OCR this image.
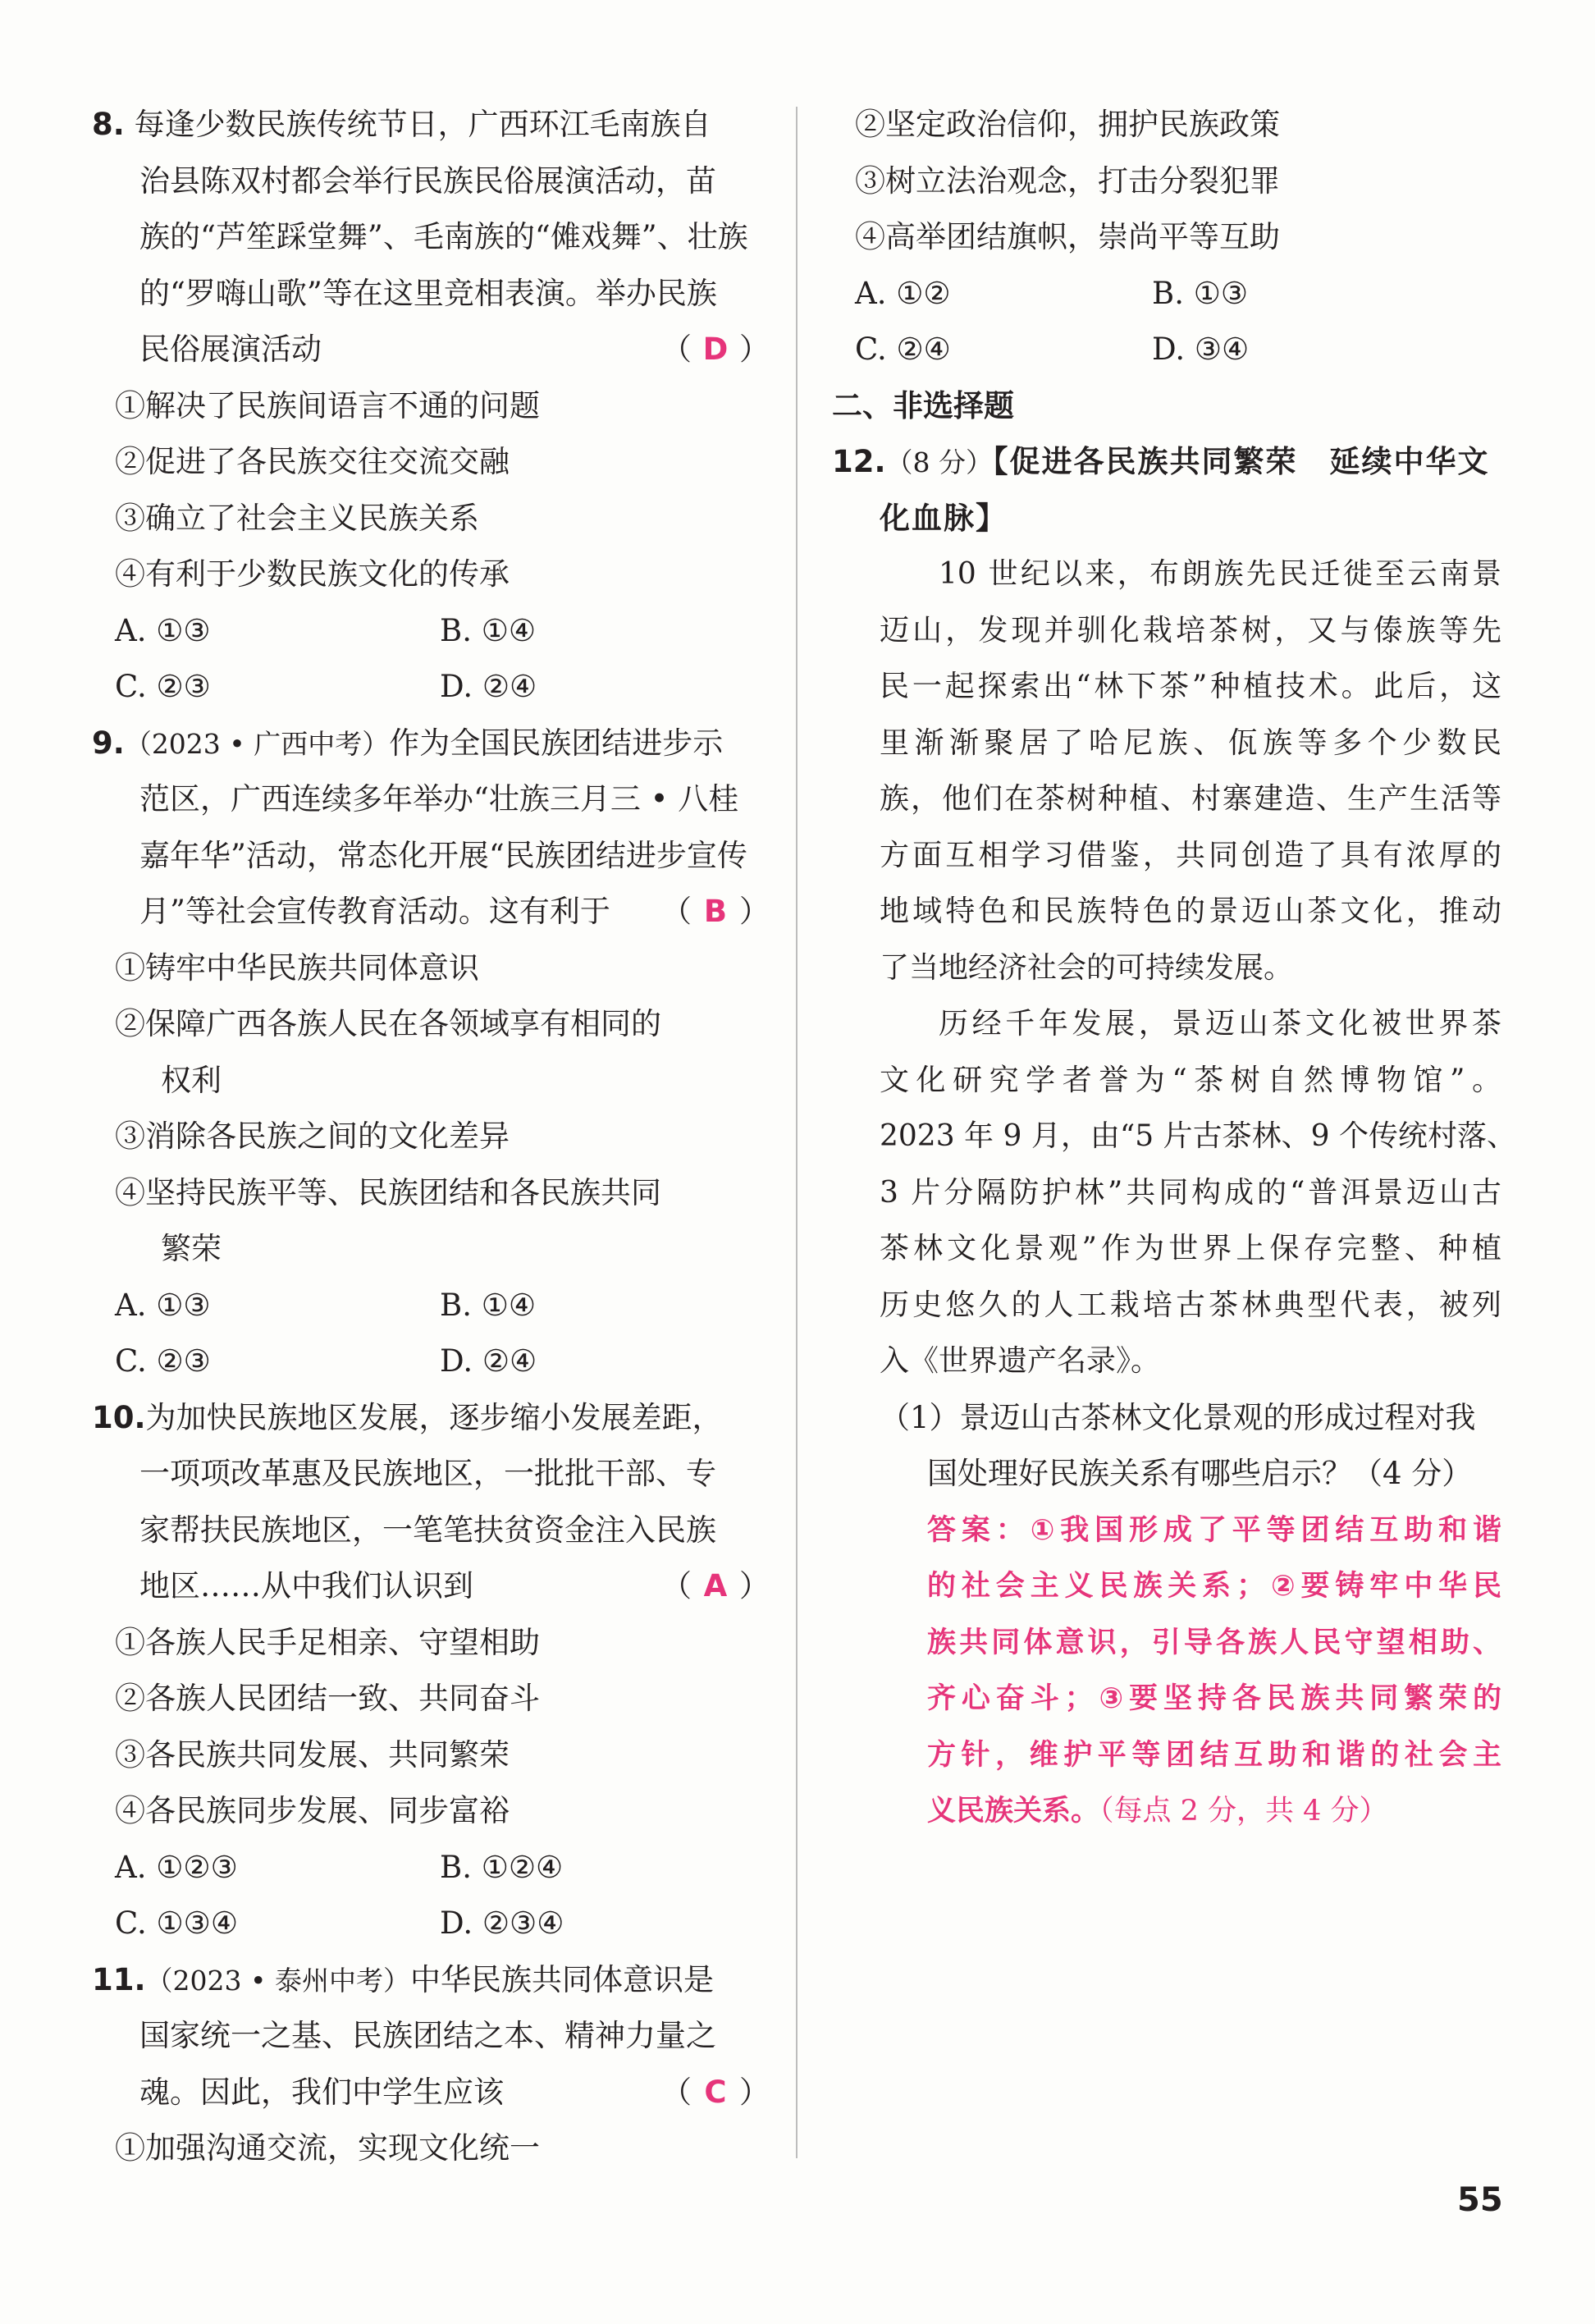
8. 每逢少数民族传统节日，广西环江毛南族自
治县陈双村都会举行民族民俗展演活动，苗
族的“芦笙踩堂舞”、毛南族的“傩戏舞”、壮族
的“罗嗨山歌”等在这里竞相表演。举办民族
民俗展演活动	（ D ）
①解决了民族间语言不通的问题
②促进了各民族交往交流交融
③确立了社会主义民族关系
④有利于少数民族文化的传承
A. ①③	B. ①④
C. ②③	D. ②④
9.（2023 • 广西中考）作为全国民族团结进步示
范区，广西连续多年举办“壮族三月三 • 八桂
嘉年华”活动，常态化开展“民族团结进步宣传
月”等社会宣传教育活动。这有利于 （ B ）
①铸牢中华民族共同体意识
②保障广西各族人民在各领域享有相同的
权利
③消除各民族之间的文化差异
④坚持民族平等、民族团结和各民族共同
繁荣
A. ①③	B. ①④
C. ②③	D. ②④
10.为加快民族地区发展，逐步缩小发展差距，
一项项改革惠及民族地区，一批批干部、专
家帮扶民族地区，一笔笔扶贫资金注入民族
地区……从中我们认识到	（ A ）
①各族人民手足相亲、守望相助
②各族人民团结一致、共同奋斗
③各民族共同发展、共同繁荣
④各民族同步发展、同步富裕
A. ①②③	B. ①②④
C. ①③④	D. ②③④
11.（2023 • 泰州中考）中华民族共同体意识是
国家统一之基、民族团结之本、精神力量之
魂。因此，我们中学生应该	（ C ）
①加强沟通交流，实现文化统一
②坚定政治信仰，拥护民族政策
③树立法治观念，打击分裂犯罪
④高举团结旗帜，崇尚平等互助
A. ①②	B. ①③
C. ②④	D. ③④
二、非选择题
12.（8 分）【促进各民族共同繁荣　延续中华文
化血脉】
10 世纪以来，布朗族先民迁徙至云南景
迈山，发现并驯化栽培茶树，又与傣族等先
民一起探索出“林下茶”种植技术。此后，这
里渐渐聚居了哈尼族、佤族等多个少数民
族，他们在茶树种植、村寨建造、生产生活等
方面互相学习借鉴，共同创造了具有浓厚的
地域特色和民族特色的景迈山茶文化，推动
了当地经济社会的可持续发展。
历经千年发展，景迈山茶文化被世界茶
文化研究学者誉为“茶树自然博物馆”。
2023 年 9 月，由“5 片古茶林、9 个传统村落、
3 片分隔防护林”共同构成的“普洱景迈山古
茶林文化景观”作为世界上保存完整、种植
历史悠久的人工栽培古茶林典型代表，被列
入《世界遗产名录》。
（1）景迈山古茶林文化景观的形成过程对我
国处理好民族关系有哪些启示？（4 分）
答案：①我国形成了平等团结互助和谐
的社会主义民族关系；②要铸牢中华民
族共同体意识，引导各族人民守望相助、
齐心奋斗；③要坚持各民族共同繁荣的
方针，维护平等团结互助和谐的社会主
义民族关系。（每点 2 分，共 4 分）
55
